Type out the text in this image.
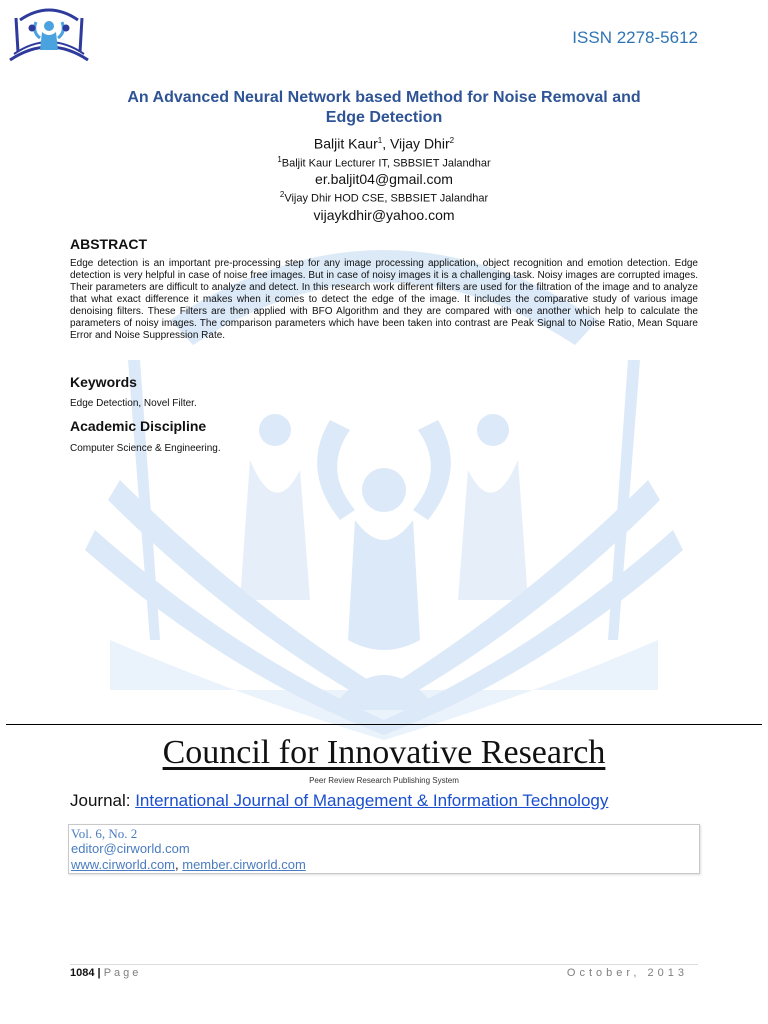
ISSN 2278-5612
An Advanced Neural Network based Method for Noise Removal and
Edge Detection
Baljit Kaur$^1$, Vijay Dhir$^2$
$^1$Baljit Kaur Lecturer IT, SBBSIET Jalandhar
er.baljit04@gmail.com
$^2$Vijay Dhir HOD CSE, SBBSIET Jalandhar
vijaykdhir@yahoo.com
ABSTRACT
Edge detection is an important pre-processing step for any image processing application, object recognition and emotion detection. Edge detection is very helpful in case of noise free images. But in case of noisy images it is a challenging task. Noisy images are corrupted images. Their parameters are difficult to analyze and detect. In this research work different filters are used for the filtration of the image and to analyze that what exact difference it makes when it comes to detect the edge of the image. It includes the comparative study of various image denoising filters. These Filters are then applied with BFO Algorithm and they are compared with one another which help to calculate the parameters of noisy images. The comparison parameters which have been taken into contrast are Peak Signal to Noise Ratio, Mean Square Error and Noise Suppression Rate.
Keywords
Edge Detection, Novel Filter.
Academic Discipline
Computer Science & Engineering.
Council for Innovative Research
Peer Review Research Publishing System
Journal: International Journal of Management & Information Technology
Vol. 6, No. 2
editor@cirworld.com
www.cirworld.com, member.cirworld.com
1084 | Page	October, 2013
